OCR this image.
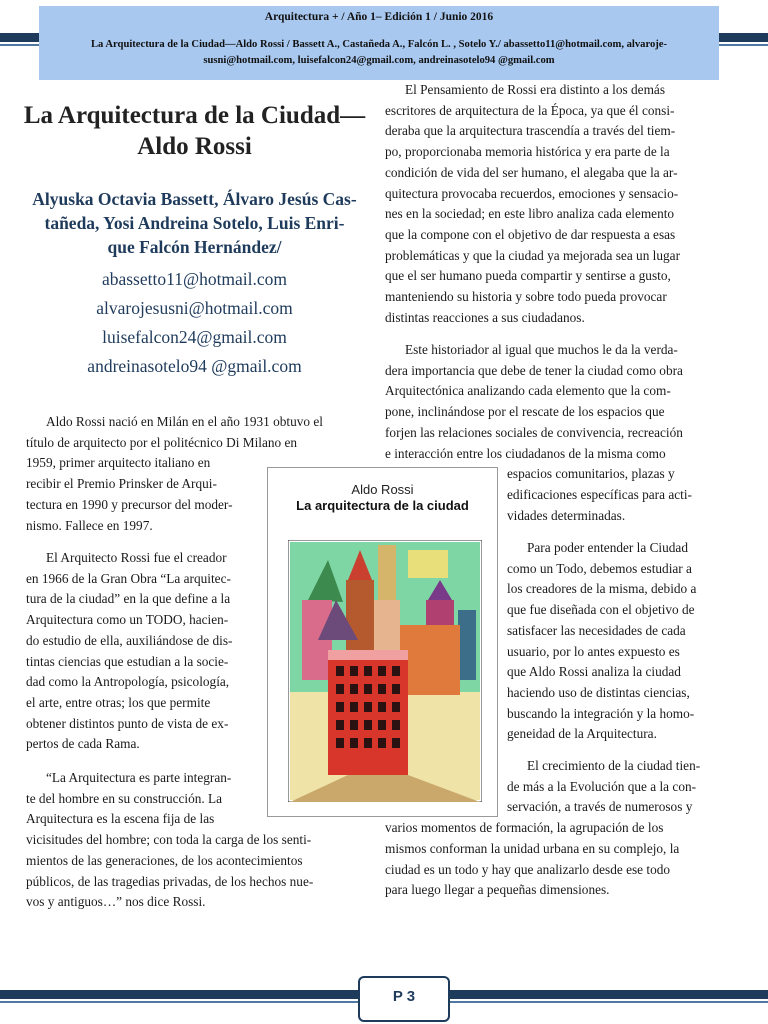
Arquitectura + / Año 1– Edición 1 / Junio 2016
La Arquitectura de la Ciudad—Aldo Rossi / Bassett A., Castañeda A., Falcón L. , Sotelo Y./ abassetto11@hotmail.com, alvaroje-
susni@hotmail.com, luisefalcon24@gmail.com, andreinasotelo94 @gmail.com
La Arquitectura de la Ciudad—
Aldo Rossi
Alyuska Octavia Bassett, Álvaro Jesús Cas-
tañeda, Yosi Andreina Sotelo, Luis Enri-
que Falcón Hernández/
abassetto11@hotmail.com
alvarojesusni@hotmail.com
luisefalcon24@gmail.com
andreinasotelo94 @gmail.com
Aldo Rossi nació en Milán en el año 1931 obtuvo el
título de arquitecto por el politécnico Di Milano en
1959, primer arquitecto italiano en
recibir el Premio Prinsker de Arqui-
tectura en 1990 y precursor del moder-
nismo. Fallece en 1997.
El Arquitecto Rossi fue el creador
en 1966 de la Gran Obra “La arquitec-
tura de la ciudad” en la que define a la
Arquitectura como un TODO, hacien-
do estudio de ella, auxiliándose de dis-
tintas ciencias que estudian a la socie-
dad como la Antropología, psicología,
el arte, entre otras; los que permite
obtener distintos punto de vista de ex-
pertos de cada Rama.
“La Arquitectura es parte integran-
te del hombre en su construcción. La
Arquitectura es la escena fija de las
vicisitudes del hombre; con toda la carga de los senti-
mientos de las generaciones, de los acontecimientos
públicos, de las tragedias privadas, de los hechos nue-
vos y antiguos…” nos dice Rossi.
El Pensamiento de Rossi era distinto a los demás
escritores de arquitectura de la Época, ya que él consi-
deraba que la arquitectura trascendía a través del tiem-
po, proporcionaba memoria histórica y era parte de la
condición de vida del ser humano, el alegaba que la ar-
quitectura provocaba recuerdos, emociones y sensacio-
nes en la sociedad; en este libro analiza cada elemento
que la compone con el objetivo de dar respuesta a esas
problemáticas y que la ciudad ya mejorada sea un lugar
que el ser humano pueda compartir y sentirse a gusto,
manteniendo su historia y sobre todo pueda provocar
distintas reacciones a sus ciudadanos.
Este historiador al igual que muchos le da la verda-
dera importancia que debe de tener la ciudad como obra
Arquitectónica analizando cada elemento que la com-
pone, inclinándose por el rescate de los espacios que
forjen las relaciones sociales de convivencia, recreación
e interacción entre los ciudadanos de la misma como
espacios comunitarios, plazas y
edificaciones específicas para acti-
vidades determinadas.
Para poder entender la Ciudad
como un Todo, debemos estudiar a
los creadores de la misma, debido a
que fue diseñada con el objetivo de
satisfacer las necesidades de cada
usuario, por lo antes expuesto es
que Aldo Rossi analiza la ciudad
haciendo uso de distintas ciencias,
buscando la integración y la homo-
geneidad de la Arquitectura.
El crecimiento de la ciudad tien-
de más a la Evolución que a la con-
servación, a través de numerosos y
varios momentos de formación, la agrupación de los
mismos conforman la unidad urbana en su complejo, la
ciudad es un todo y hay que analizarlo desde ese todo
para luego llegar a pequeñas dimensiones.
Aldo Rossi
La arquitectura de la ciudad
P 3
